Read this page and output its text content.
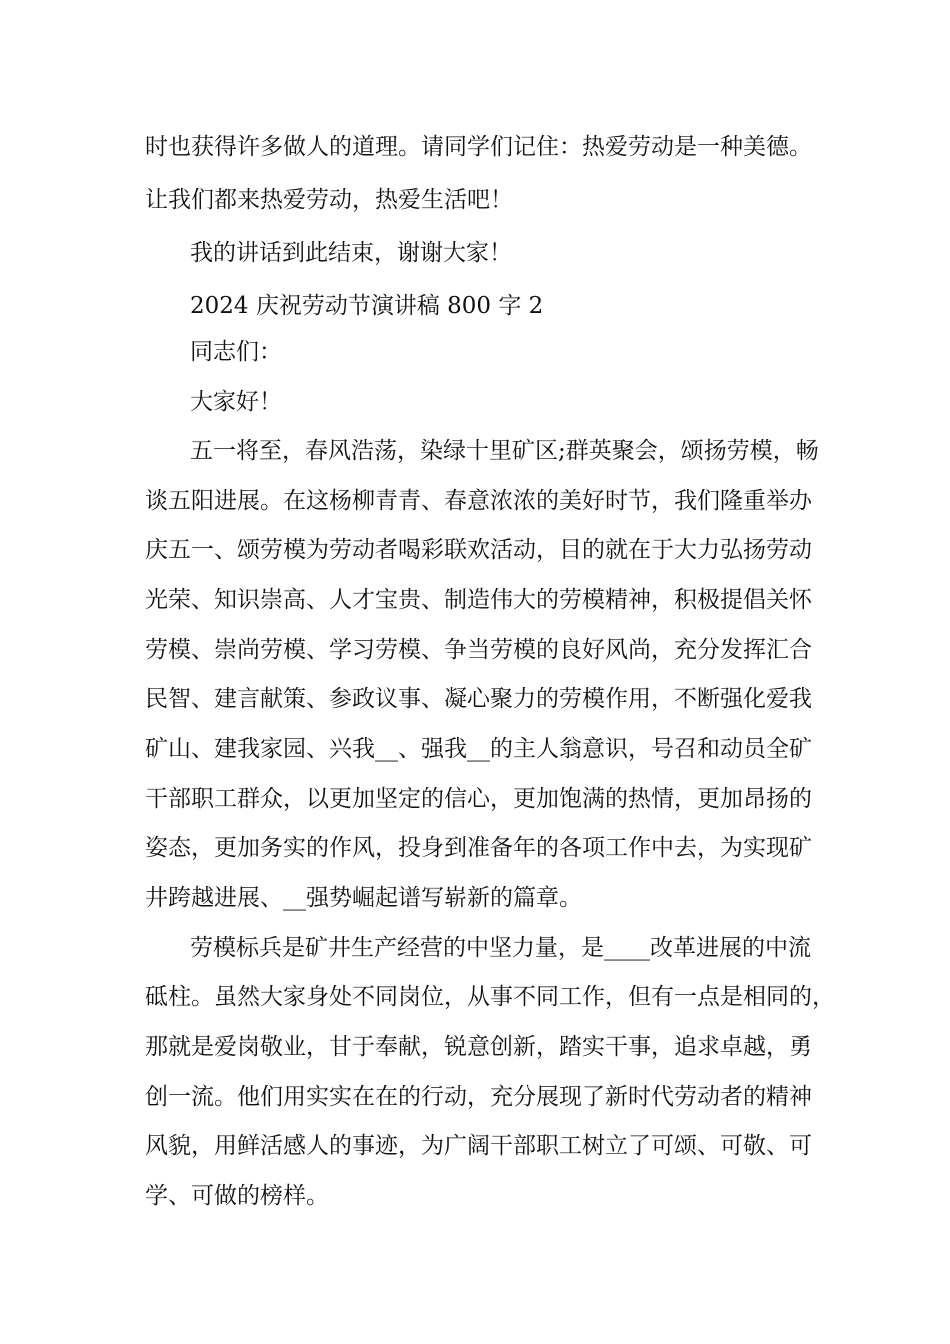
时也获得许多做人的道理。请同学们记住：热爱劳动是一种美德。
让我们都来热爱劳动，热爱生活吧！
我的讲话到此结束，谢谢大家！
2024 庆祝劳动节演讲稿 800 字 2
同志们：
大家好！
五一将至，春风浩荡，染绿十里矿区;群英聚会，颂扬劳模，畅
谈五阳进展。在这杨柳青青、春意浓浓的美好时节，我们隆重举办
庆五一、颂劳模为劳动者喝彩联欢活动，目的就在于大力弘扬劳动
光荣、知识崇高、人才宝贵、制造伟大的劳模精神，积极提倡关怀
劳模、崇尚劳模、学习劳模、争当劳模的良好风尚，充分发挥汇合
民智、建言献策、参政议事、凝心聚力的劳模作用，不断强化爱我
矿山、建我家园、兴我__、强我__的主人翁意识，号召和动员全矿
干部职工群众，以更加坚定的信心，更加饱满的热情，更加昂扬的
姿态，更加务实的作风，投身到准备年的各项工作中去，为实现矿
井跨越进展、__强势崛起谱写崭新的篇章。
劳模标兵是矿井生产经营的中坚力量，是____改革进展的中流
砥柱。虽然大家身处不同岗位，从事不同工作，但有一点是相同的，
那就是爱岗敬业，甘于奉献，锐意创新，踏实干事，追求卓越，勇
创一流。他们用实实在在的行动，充分展现了新时代劳动者的精神
风貌，用鲜活感人的事迹，为广阔干部职工树立了可颂、可敬、可
学、可做的榜样。
